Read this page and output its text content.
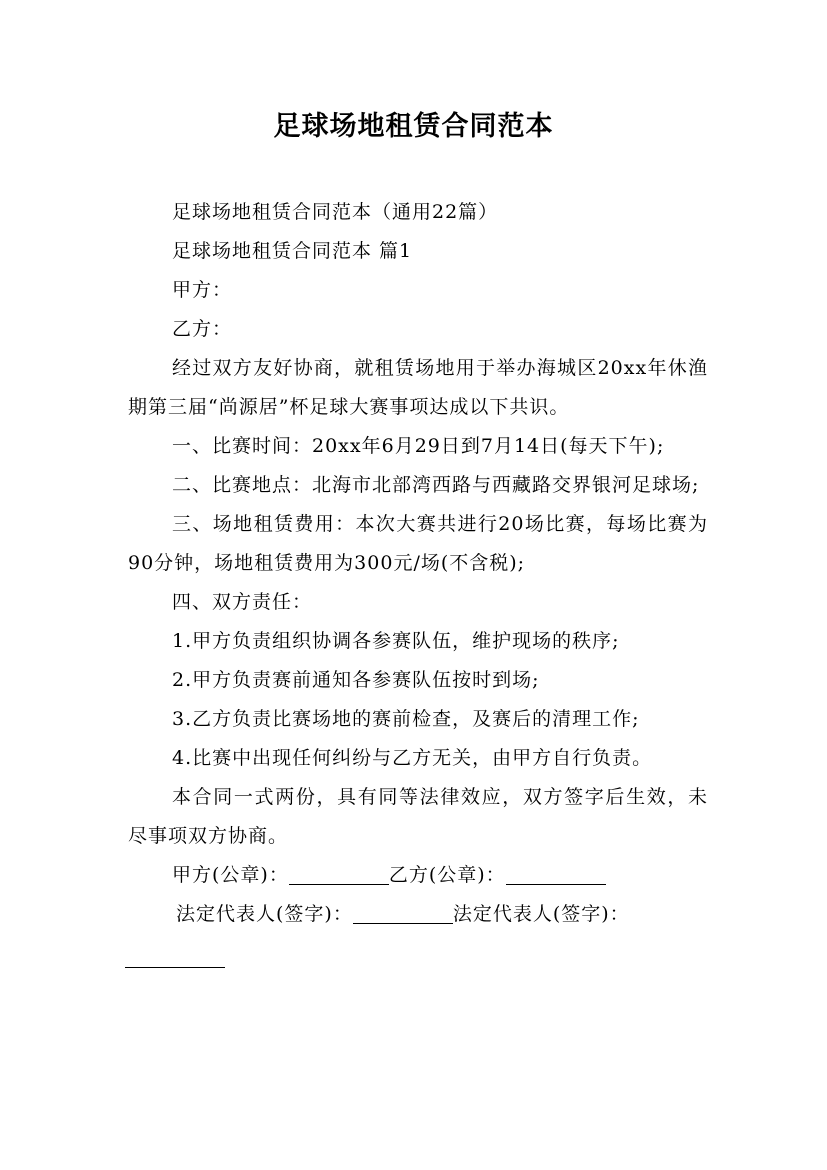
足球场地租赁合同范本

足球场地租赁合同范本（通用22篇）

足球场地租赁合同范本 篇1

甲方：

乙方：

经过双方友好协商，就租赁场地用于举办海城区20xx年休渔期第三届“尚源居”杯足球大赛事项达成以下共识。

一、比赛时间：20xx年6月29日到7月14日(每天下午);

二、比赛地点：北海市北部湾西路与西藏路交界银河足球场;

三、场地租赁费用：本次大赛共进行20场比赛，每场比赛为90分钟，场地租赁费用为300元/场(不含税);

四、双方责任：

1.甲方负责组织协调各参赛队伍，维护现场的秩序;

2.甲方负责赛前通知各参赛队伍按时到场;

3.乙方负责比赛场地的赛前检查，及赛后的清理工作;

4.比赛中出现任何纠纷与乙方无关，由甲方自行负责。

本合同一式两份，具有同等法律效应，双方签字后生效，未尽事项双方协商。

甲方(公章)：	乙方(公章)：

法定代表人(签字)：	法定代表人(签字)：
